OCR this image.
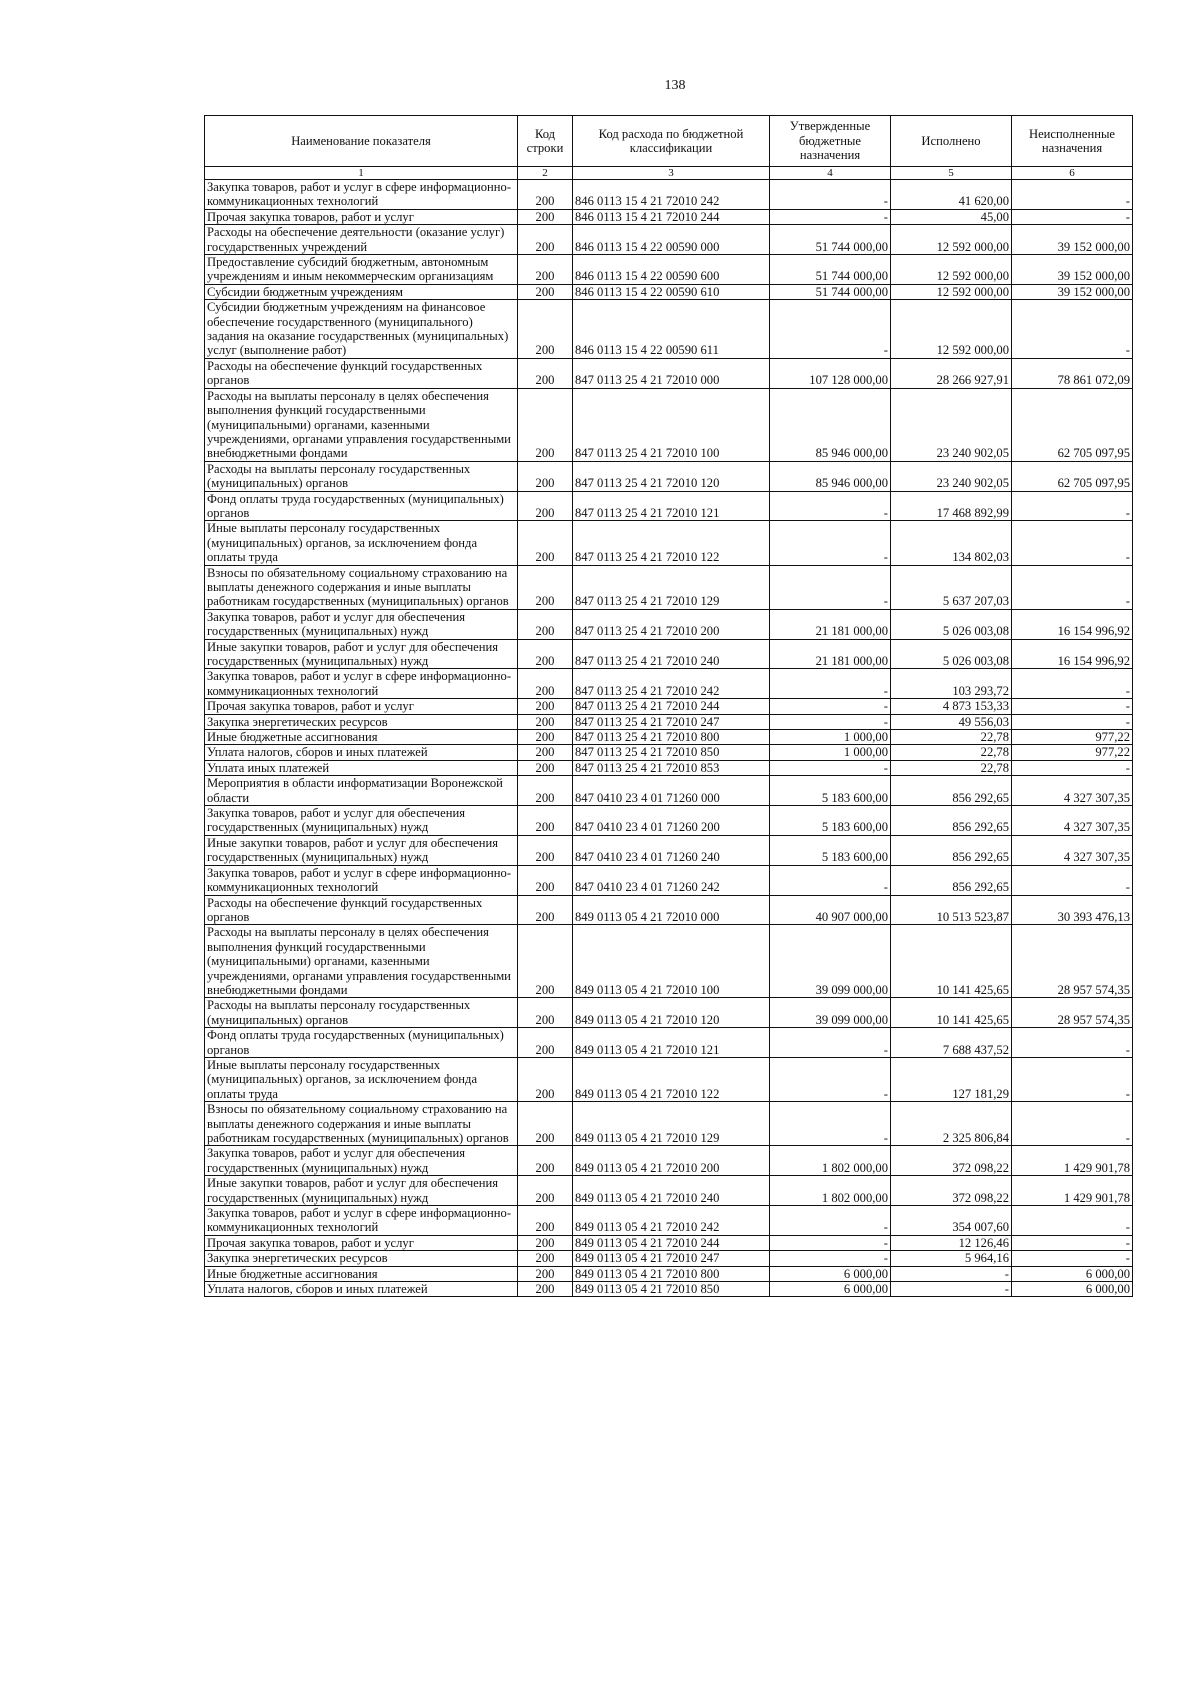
138
Наименование показателя	Код строки	Код расхода по бюджетной классификации	Утвержденные бюджетные назначения	Исполнено	Неисполненные назначения
1	2	3	4	5	6
Закупка товаров, работ и услуг в сфере информационно-коммуникационных технологий	200	846 0113 15 4 21 72010 242	-	41 620,00	-
Прочая закупка товаров, работ и услуг	200	846 0113 15 4 21 72010 244	-	45,00	-
Расходы на обеспечение деятельности (оказание услуг) государственных учреждений	200	846 0113 15 4 22 00590 000	51 744 000,00	12 592 000,00	39 152 000,00
Предоставление субсидий бюджетным, автономным учреждениям и иным некоммерческим организациям	200	846 0113 15 4 22 00590 600	51 744 000,00	12 592 000,00	39 152 000,00
Субсидии бюджетным учреждениям	200	846 0113 15 4 22 00590 610	51 744 000,00	12 592 000,00	39 152 000,00
Субсидии бюджетным учреждениям на финансовое обеспечение государственного (муниципального) задания на оказание государственных (муниципальных) услуг (выполнение работ)	200	846 0113 15 4 22 00590 611	-	12 592 000,00	-
Расходы на обеспечение функций государственных органов	200	847 0113 25 4 21 72010 000	107 128 000,00	28 266 927,91	78 861 072,09
Расходы на выплаты персоналу в целях обеспечения выполнения функций государственными (муниципальными) органами, казенными учреждениями, органами управления государственными внебюджетными фондами	200	847 0113 25 4 21 72010 100	85 946 000,00	23 240 902,05	62 705 097,95
Расходы на выплаты персоналу государственных (муниципальных) органов	200	847 0113 25 4 21 72010 120	85 946 000,00	23 240 902,05	62 705 097,95
Фонд оплаты труда государственных (муниципальных) органов	200	847 0113 25 4 21 72010 121	-	17 468 892,99	-
Иные выплаты персоналу государственных (муниципальных) органов, за исключением фонда оплаты труда	200	847 0113 25 4 21 72010 122	-	134 802,03	-
Взносы по обязательному социальному страхованию на выплаты денежного содержания и иные выплаты работникам государственных (муниципальных) органов	200	847 0113 25 4 21 72010 129	-	5 637 207,03	-
Закупка товаров, работ и услуг для обеспечения государственных (муниципальных) нужд	200	847 0113 25 4 21 72010 200	21 181 000,00	5 026 003,08	16 154 996,92
Иные закупки товаров, работ и услуг для обеспечения государственных (муниципальных) нужд	200	847 0113 25 4 21 72010 240	21 181 000,00	5 026 003,08	16 154 996,92
Закупка товаров, работ и услуг в сфере информационно-коммуникационных технологий	200	847 0113 25 4 21 72010 242	-	103 293,72	-
Прочая закупка товаров, работ и услуг	200	847 0113 25 4 21 72010 244	-	4 873 153,33	-
Закупка энергетических ресурсов	200	847 0113 25 4 21 72010 247	-	49 556,03	-
Иные бюджетные ассигнования	200	847 0113 25 4 21 72010 800	1 000,00	22,78	977,22
Уплата налогов, сборов и иных платежей	200	847 0113 25 4 21 72010 850	1 000,00	22,78	977,22
Уплата иных платежей	200	847 0113 25 4 21 72010 853	-	22,78	-
Мероприятия в области информатизации Воронежской области	200	847 0410 23 4 01 71260 000	5 183 600,00	856 292,65	4 327 307,35
Закупка товаров, работ и услуг для обеспечения государственных (муниципальных) нужд	200	847 0410 23 4 01 71260 200	5 183 600,00	856 292,65	4 327 307,35
Иные закупки товаров, работ и услуг для обеспечения государственных (муниципальных) нужд	200	847 0410 23 4 01 71260 240	5 183 600,00	856 292,65	4 327 307,35
Закупка товаров, работ и услуг в сфере информационно-коммуникационных технологий	200	847 0410 23 4 01 71260 242	-	856 292,65	-
Расходы на обеспечение функций государственных органов	200	849 0113 05 4 21 72010 000	40 907 000,00	10 513 523,87	30 393 476,13
Расходы на выплаты персоналу в целях обеспечения выполнения функций государственными (муниципальными) органами, казенными учреждениями, органами управления государственными внебюджетными фондами	200	849 0113 05 4 21 72010 100	39 099 000,00	10 141 425,65	28 957 574,35
Расходы на выплаты персоналу государственных (муниципальных) органов	200	849 0113 05 4 21 72010 120	39 099 000,00	10 141 425,65	28 957 574,35
Фонд оплаты труда государственных (муниципальных) органов	200	849 0113 05 4 21 72010 121	-	7 688 437,52	-
Иные выплаты персоналу государственных (муниципальных) органов, за исключением фонда оплаты труда	200	849 0113 05 4 21 72010 122	-	127 181,29	-
Взносы по обязательному социальному страхованию на выплаты денежного содержания и иные выплаты работникам государственных (муниципальных) органов	200	849 0113 05 4 21 72010 129	-	2 325 806,84	-
Закупка товаров, работ и услуг для обеспечения государственных (муниципальных) нужд	200	849 0113 05 4 21 72010 200	1 802 000,00	372 098,22	1 429 901,78
Иные закупки товаров, работ и услуг для обеспечения государственных (муниципальных) нужд	200	849 0113 05 4 21 72010 240	1 802 000,00	372 098,22	1 429 901,78
Закупка товаров, работ и услуг в сфере информационно-коммуникационных технологий	200	849 0113 05 4 21 72010 242	-	354 007,60	-
Прочая закупка товаров, работ и услуг	200	849 0113 05 4 21 72010 244	-	12 126,46	-
Закупка энергетических ресурсов	200	849 0113 05 4 21 72010 247	-	5 964,16	-
Иные бюджетные ассигнования	200	849 0113 05 4 21 72010 800	6 000,00	-	6 000,00
Уплата налогов, сборов и иных платежей	200	849 0113 05 4 21 72010 850	6 000,00	-	6 000,00
